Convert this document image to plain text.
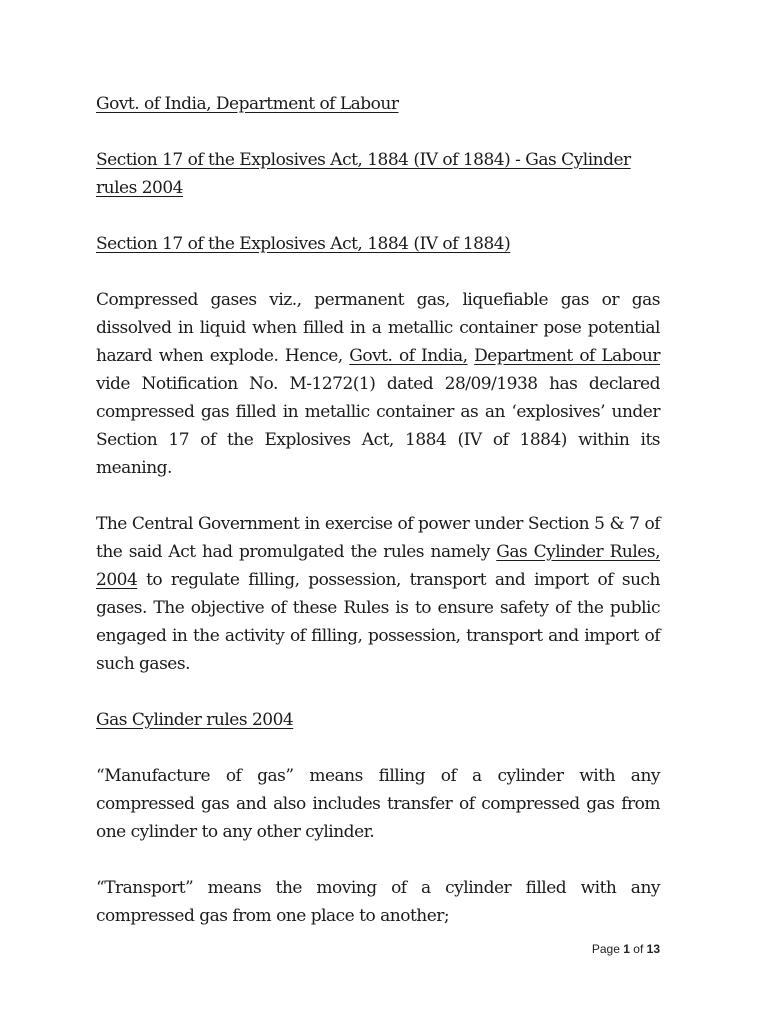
Govt. of India, Department of Labour

Section 17 of the Explosives Act, 1884 (IV of 1884) - Gas Cylinder rules 2004

Section 17 of the Explosives Act, 1884 (IV of 1884)

Compressed gases viz., permanent gas, liquefiable gas or gas dissolved in liquid when filled in a metallic container pose potential hazard when explode. Hence, Govt. of India, Department of Labour vide Notification No. M-1272(1) dated 28/09/1938 has declared compressed gas filled in metallic container as an ‘explosives’ under Section 17 of the Explosives Act, 1884 (IV of 1884) within its meaning.

The Central Government in exercise of power under Section 5 & 7 of the said Act had promulgated the rules namely Gas Cylinder Rules, 2004 to regulate filling, possession, transport and import of such gases. The objective of these Rules is to ensure safety of the public engaged in the activity of filling, possession, transport and import of such gases.

Gas Cylinder rules 2004

“Manufacture of gas” means filling of a cylinder with any compressed gas and also includes transfer of compressed gas from one cylinder to any other cylinder.

“Transport” means the moving of a cylinder filled with any compressed gas from one place to another;

Page 1 of 13
